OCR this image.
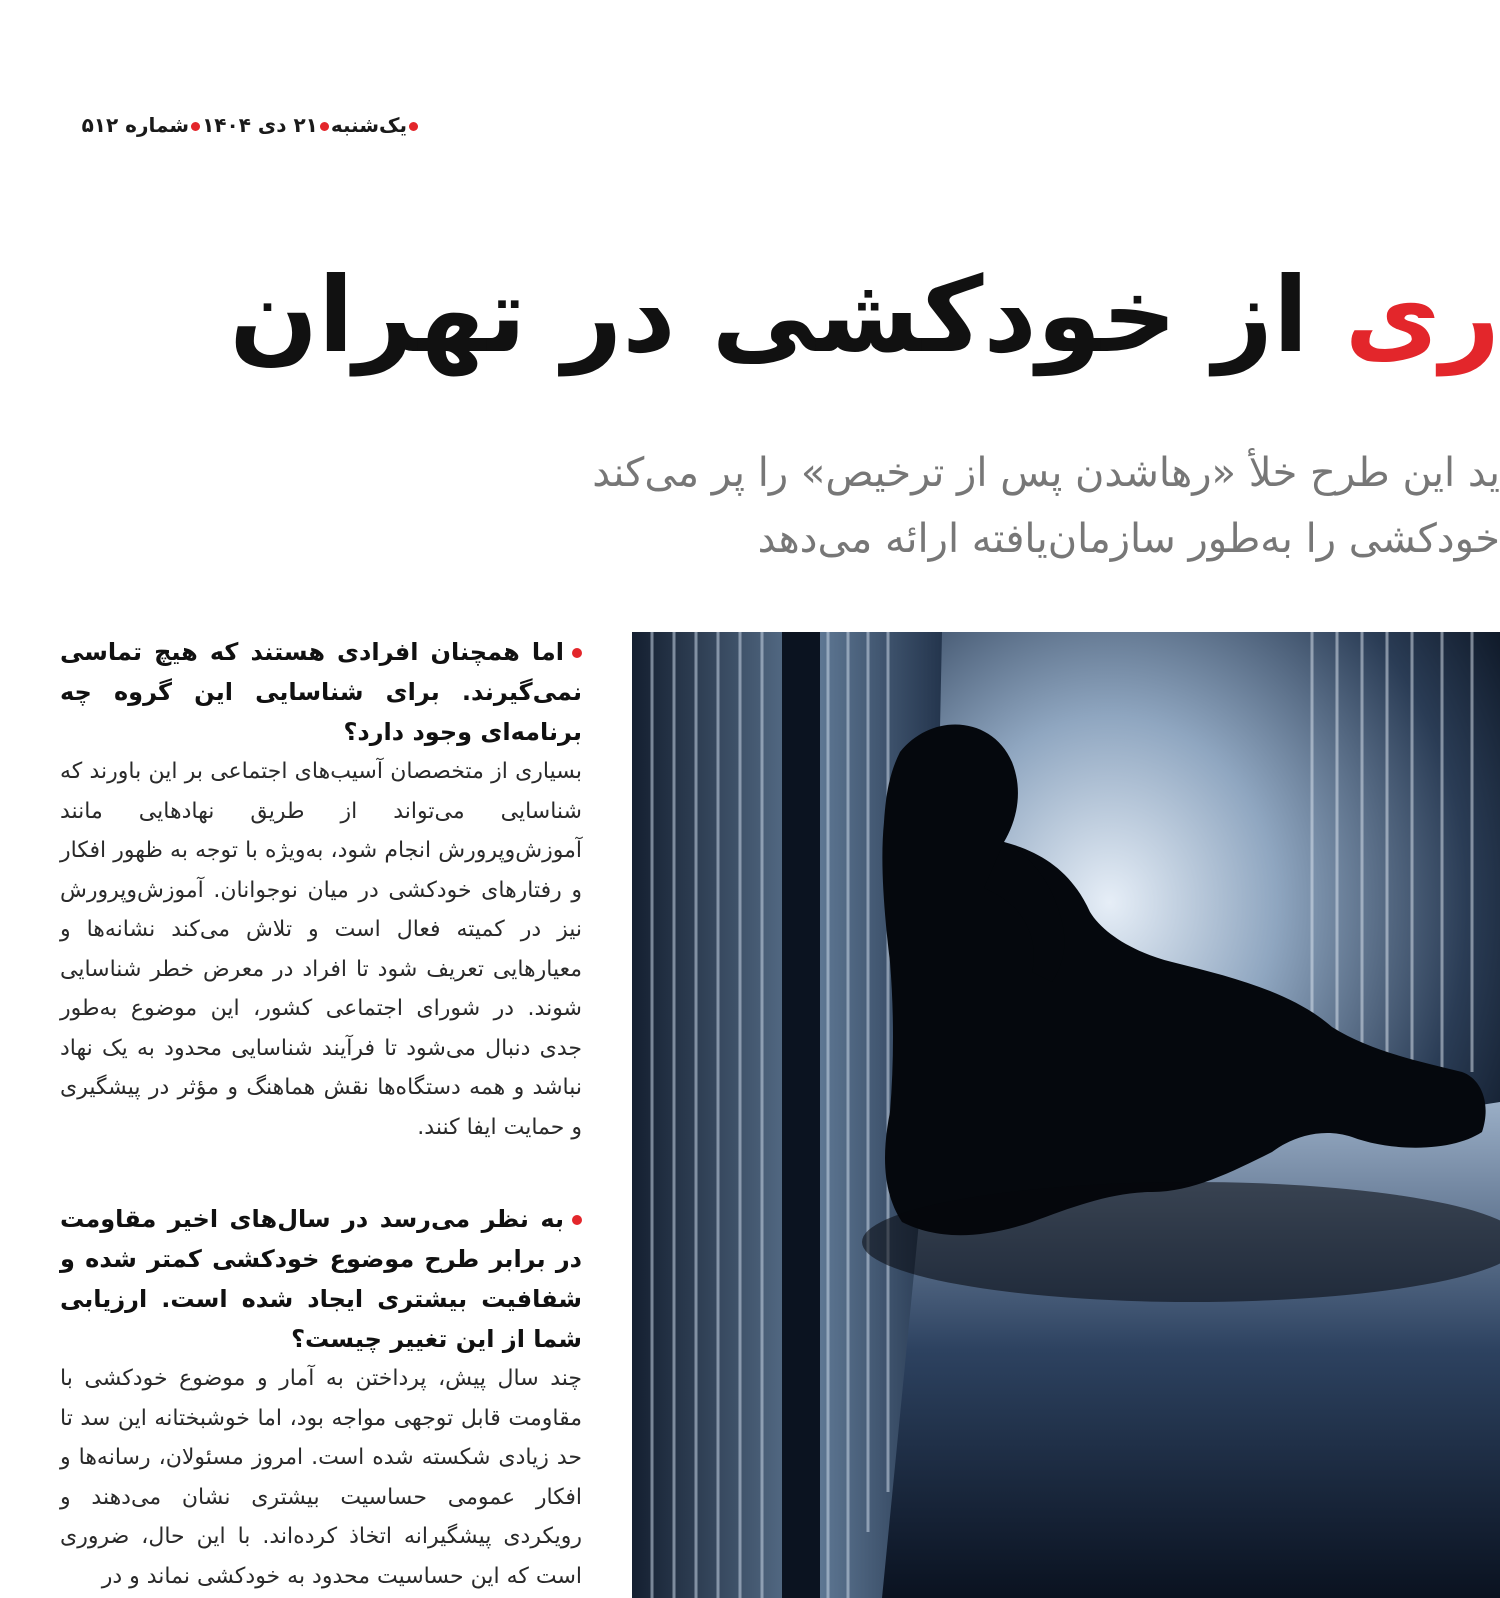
یک‌شنبه۲۱ دی ۱۴۰۴شماره ۵۱۲
ری از خودکشی در تهران
ید این طرح خلأ «رهاشدن پس از ترخیص» را پر می‌کند
خودکشی را به‌طور سازمان‌یافته ارائه می‌دهد

اما همچنان افرادی هستند که هیچ تماسی نمی‌گیرند. برای شناسایی این گروه چه برنامه‌ای وجود دارد؟

بسیاری از متخصصان آسیب‌های اجتماعی بر این باورند که شناسایی می‌تواند از طریق نهادهایی مانند آموزش‌وپرورش انجام شود، به‌ویژه با توجه به ظهور افکار و رفتارهای خودکشی در میان نوجوانان. آموزش‌وپرورش نیز در کمیته فعال است و تلاش می‌کند نشانه‌ها و معیارهایی تعریف شود تا افراد در معرض خطر شناسایی شوند. در شورای اجتماعی کشور، این موضوع به‌طور جدی دنبال می‌شود تا فرآیند شناسایی محدود به یک نهاد نباشد و همه دستگاه‌ها نقش هماهنگ و مؤثر در پیشگیری و حمایت ایفا کنند.

به نظر می‌رسد در سال‌های اخیر مقاومت در برابر طرح موضوع خودکشی کمتر شده و شفافیت بیشتری ایجاد شده است. ارزیابی شما از این تغییر چیست؟

چند سال پیش، پرداختن به آمار و موضوع خودکشی با مقاومت قابل توجهی مواجه بود، اما خوشبختانه این سد تا حد زیادی شکسته شده است. امروز مسئولان، رسانه‌ها و افکار عمومی حساسیت بیشتری نشان می‌دهند و رویکردی پیشگیرانه اتخاذ کرده‌اند. با این حال، ضروری است که این حساسیت محدود به خودکشی نماند و در
